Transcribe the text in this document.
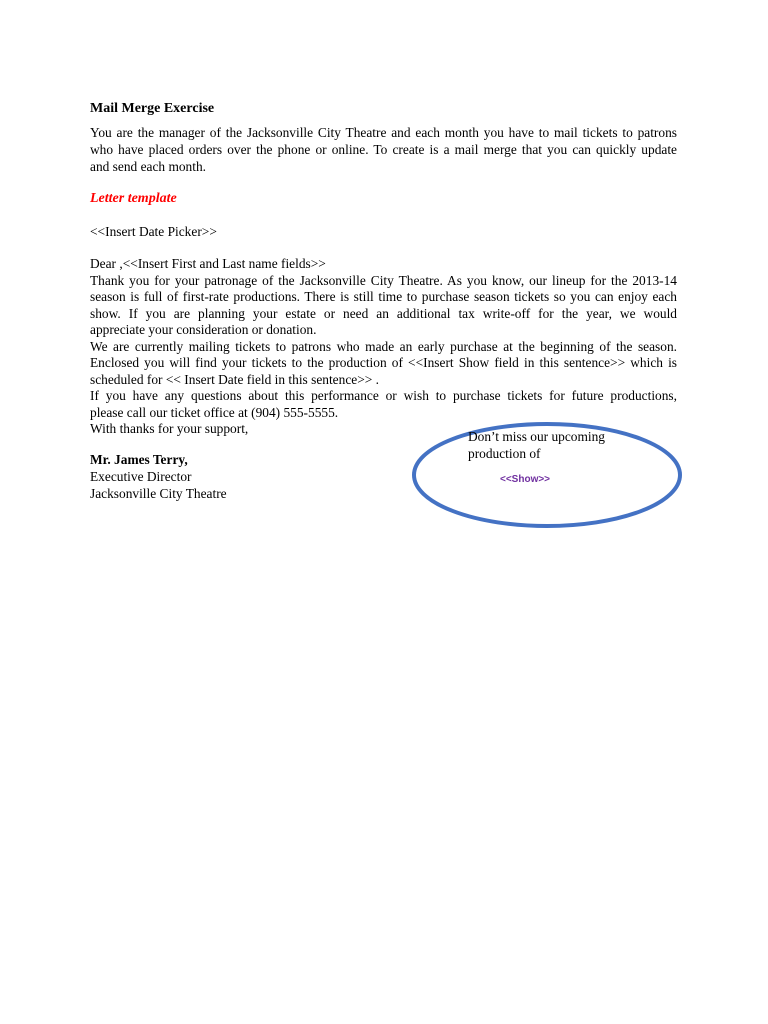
Mail Merge Exercise
You are the manager of the Jacksonville City Theatre and each month you have to mail tickets to patrons
who have placed orders over the phone or online. To create is a mail merge that you can quickly update
and send each month.
Letter template
<<Insert Date Picker>>
Dear ,<<Insert First and Last name fields>>
Thank you for your patronage of the Jacksonville City Theatre. As you know, our lineup for the 2013-14
season is full of first-rate productions. There is still time to purchase season tickets so you can enjoy each
show. If you are planning your estate or need an additional tax write-off for the year, we would
appreciate your consideration or donation.
We are currently mailing tickets to patrons who made an early purchase at the beginning of the season.
Enclosed you will find your tickets to the production of <<Insert Show field in this sentence>> which is
scheduled for << Insert Date field in this sentence>> .
If you have any questions about this performance or wish to purchase tickets for future productions,
please call our ticket office at (904) 555-5555.
With thanks for your support,
Mr. James Terry,
Executive Director
Jacksonville City Theatre
Don’t miss our upcoming
production of
<<Show>>
